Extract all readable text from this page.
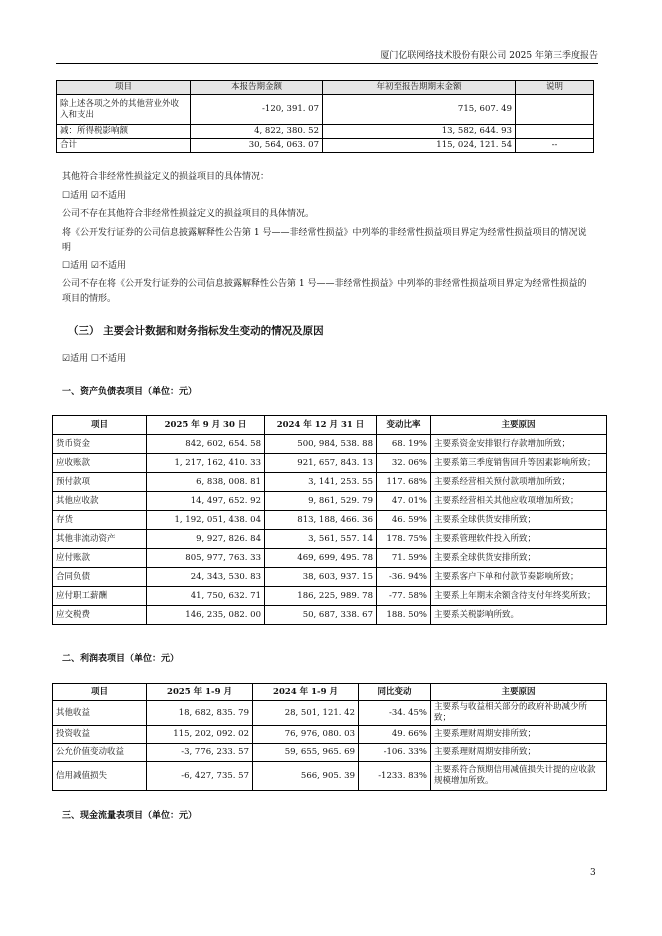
厦门亿联网络技术股份有限公司 2025 年第三季度报告
项目	本报告期金额	年初至报告期期末金额	说明
除上述各项之外的其他营业外收入和支出	-120, 391. 07	715, 607. 49	
减：所得税影响额	4, 822, 380. 52	13, 582, 644. 93	
合计	30, 564, 063. 07	115, 024, 121. 54	--
其他符合非经常性损益定义的损益项目的具体情况：
☐适用 ☑不适用
公司不存在其他符合非经常性损益定义的损益项目的具体情况。
将《公开发行证券的公司信息披露解释性公告第 1 号——非经常性损益》中列举的非经常性损益项目界定为经常性损益项目的情况说明
☐适用 ☑不适用
公司不存在将《公开发行证券的公司信息披露解释性公告第 1 号——非经常性损益》中列举的非经常性损益项目界定为经常性损益的项目的情形。
（三） 主要会计数据和财务指标发生变动的情况及原因
☑适用 ☐不适用
一、资产负债表项目（单位：元）
项目	2025 年 9 月 30 日	2024 年 12 月 31 日	变动比率	主要原因
货币资金	842, 602, 654. 58	500, 984, 538. 88	68. 19%	主要系资金安排银行存款增加所致；
应收账款	1, 217, 162, 410. 33	921, 657, 843. 13	32. 06%	主要系第三季度销售回升等因素影响所致；
预付款项	6, 838, 008. 81	3, 141, 253. 55	117. 68%	主要系经营相关预付款项增加所致；
其他应收款	14, 497, 652. 92	9, 861, 529. 79	47. 01%	主要系经营相关其他应收项增加所致；
存货	1, 192, 051, 438. 04	813, 188, 466. 36	46. 59%	主要系全球供货安排所致；
其他非流动资产	9, 927, 826. 84	3, 561, 557. 14	178. 75%	主要系管理软件投入所致；
应付账款	805, 977, 763. 33	469, 699, 495. 78	71. 59%	主要系全球供货安排所致；
合同负债	24, 343, 530. 83	38, 603, 937. 15	-36. 94%	主要系客户下单和付款节奏影响所致；
应付职工薪酬	41, 750, 632. 71	186, 225, 989. 78	-77. 58%	主要系上年期末余额含待支付年终奖所致；
应交税费	146, 235, 082. 00	50, 687, 338. 67	188. 50%	主要系关税影响所致。
二、利润表项目（单位：元）
项目	2025 年 1-9 月	2024 年 1-9 月	同比变动	主要原因
其他收益	18, 682, 835. 79	28, 501, 121. 42	-34. 45%	主要系与收益相关部分的政府补助减少所致；
投资收益	115, 202, 092. 02	76, 976, 080. 03	49. 66%	主要系理财周期安排所致；
公允价值变动收益	-3, 776, 233. 57	59, 655, 965. 69	-106. 33%	主要系理财周期安排所致；
信用减值损失	-6, 427, 735. 57	566, 905. 39	-1233. 83%	主要系符合预期信用减值损失计提的应收款规模增加所致。
三、现金流量表项目（单位：元）
3
